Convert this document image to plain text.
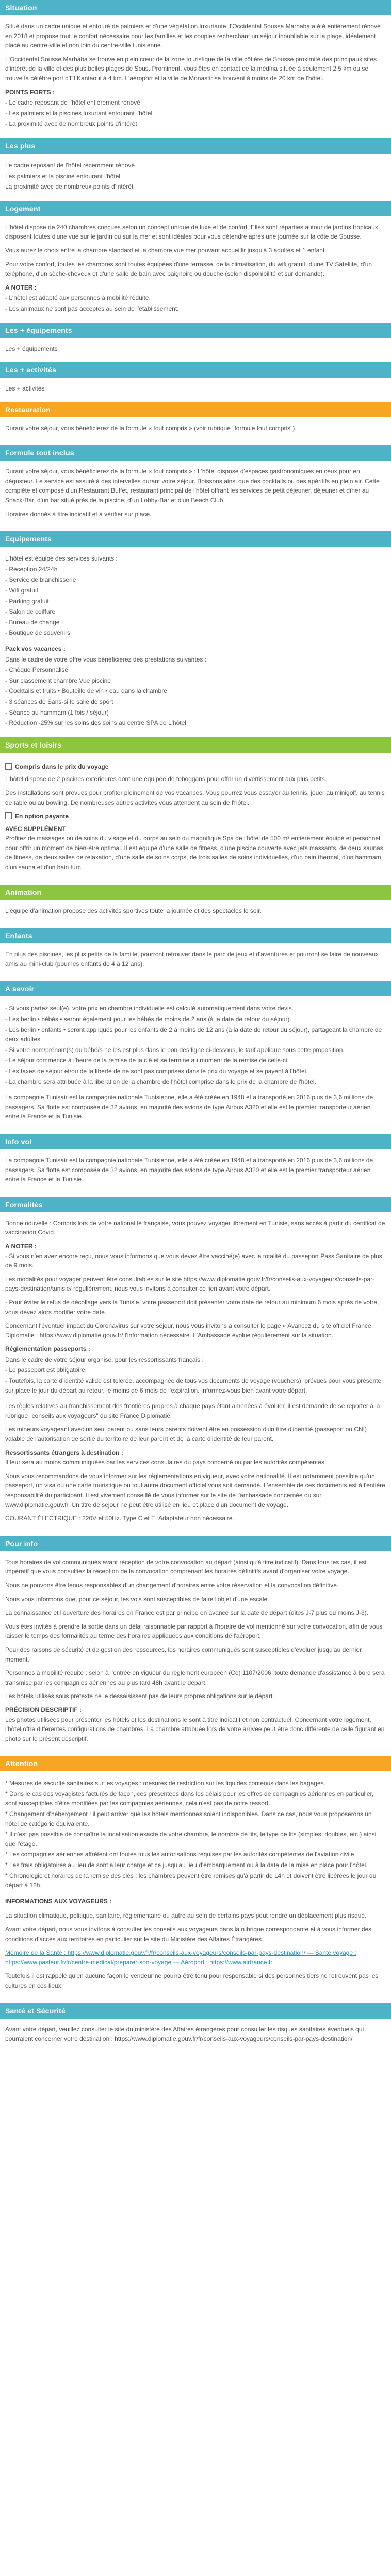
Situation

Situé dans un cadre unique et entouré de palmiers et d'une végétation luxuriante, l'Occidental Soussa Marhaba a été entièrement rénové en 2018 et propose tout le confort nécessaire pour les familles et les couples recherchant un séjour inoubliable sur la plage, idéalement placé au centre-ville et non loin du centre-ville tunisienne.

L'Occidental Sousse Marhaba se trouve en plein cœur de la zone touristique de la ville côtière de Sousse proximité des principaux sites d'intérêt de la ville et des plus belles plages de Sous. Prominent, vous êtes en contact de la médina située à seulement 2,5 km ou se trouve la célèbre port d'El Kantaoui à 4 km. L'aéroport et la ville de Monastir se trouvent à moins de 20 km de l'hôtel.

POINTS FORTS :
- Le cadre reposant de l'hôtel entièrement rénové
- Les palmiers et la piscines luxuriant entourant l'hôtel
- La proximité avec de nombreux points d'intérêt
Les plus
Le cadre reposant de l'hôtel récemment rénové
Les palmiers et la piscine entourant l'hôtel
La proximité avec de nombreux points d'intérêt
Logement

L'hôtel dispose de 240 chambres conçues selon un concept unique de luxe et de confort. Elles sont réparties autour de jardins tropicaux, disposent toutes d'une vue sur le jardin ou sur la mer et sont idéales pour vous détendre après une journée sur la côte de Sousse.

Vous aurez le choix entre la chambre standard et la chambre vue mer pouvant accueillir jusqu'à 3 adultes et 1 enfant.

Pour votre confort, toutes les chambres sont toutes équipées d'une terrasse, de la climatisation, du wifi gratuit, d'une TV Satellite, d'un téléphone, d'un sèche-cheveux et d'une salle de bain avec baignoire ou douche (selon disponibilité et sur demande).

A NOTER :
- L'hôtel est adapté aux personnes à mobilité réduite.
- Les animaux ne sont pas acceptés au sein de l'établissement.
Les + équipements
Les + équipements
Les + activités
Les + activités
Restauration

Durant votre séjour, vous bénéficierez de la formule « tout compris » (voir rubrique "formule tout compris").

Formule tout inclus

Durant votre séjour, vous bénéficierez de la formule « tout compris » : L'hôtel dispose d'espaces gastronomiques en ceux pour en dégusteur. Le service est assuré à des intervalles durant votre séjour. Boissons ainsi que des cocktails ou des apéritifs en plein air. Cette complète et composé d'un Restaurant Buffet, restaurant principal de l'hôtel offrant les services de petit déjeuner, déjeuner et dîner au Snack-Bar, d'un bar situé près de la piscine, d'un Lobby-Bar et d'un Beach Club.

Horaires donnés à titre indicatif et à vérifier sur place.

Equipements
L'hôtel est équipé des services suivants :
- Réception 24/24h
- Service de blanchisserie
- Wifi gratuit
- Parking gratuit
- Salon de coiffure
- Bureau de change
- Boutique de souvenirs
Pack vos vacances :
Dans le cadre de votre offre vous bénéficierez des prestations suivantes :
- Chèque Personnalisé
- Sur classement chambre Vue piscine
- Cocktails et fruits • Bouteille de vin • eau dans la chambre
- 3 séances de Sans-si le salle de sport
- Séance au hammam (1 fois / séjour)
- Réduction -25% sur les soins des soins au centre SPA de L'hôtel
Sports et loisirs
Compris dans le prix du voyage

L'hôtel dispose de 2 piscines extérieures dont une équipée de toboggans pour offrir un divertissement aux plus petits.

Des installations sont prévues pour profiter pleinement de vos vacances. Vous pourrez vous essayer au tennis, jouer au minigolf, au tennis de table ou au bowling. De nombreuses autres activités vous attendent au sein de l'hôtel.

En option payante
AVEC SUPPLÉMENT

Profitez de massages ou de soins du visage et du corps au sein du magnifique Spa de l'hôtel de 500 m² entièrement équipé et personnel pour offrir un moment de bien-être optimal. Il est équipé d'une salle de fitness, d'une piscine couverte avec jets massants, de deux saunas de fitness, de deux salles de relaxation, d'une salle de soins corps, de trois salles de soins individuelles, d'un bain thermal, d'un hammam, d'un sauna et d'un bain turc.

Animation

L'équipe d'animation propose des activités sportives toute la journée et des spectacles le soir.

Enfants

En plus des piscines, les plus petits de la famille, pourront retrouver dans le parc de jeux et d'aventures et pourront se faire de nouveaux amis au mini-club (pour les enfants de 4 à 12 ans).

A savoir
- Si vous partez seul(e), votre prix en chambre individuelle est calculé automatiquement dans votre devis.
- Les berlin • bébés • seront également pour les bébés de moins de 2 ans (à la date de retour du séjour).
- Les berlin • enfants • seront appliqués pour les enfants de 2 à moins de 12 ans (à la date de retour du séjour), partageant la chambre de deux adultes.
- Si votre nom/prénom(s) du bébé/s ne les est plus dans le bon des ligne ci-dessous, le tarif applique sous cette proposition.
- Le séjour commence à l'heure de la remise de la clé et se termine au moment de la remise de celle-ci.
- Les taxes de séjour et/ou de la liberté de ne sont pas comprises dans le prix du voyage et se payent à l'hôtel.
- La chambre sera attribuée à la libération de la chambre de l'hôtel comprise dans le prix de la chambre de l'hôtel.

La compagnie Tunisair est la compagnie nationale Tunisienne, elle a été créée en 1948 et a transporté en 2016 plus de 3,6 millions de passagers. Sa flotte est composée de 32 avions, en majorité des avions de type Airbus A320 et elle est le premier transporteur aérien entre la France et la Tunisie.

Info vol

La compagnie Tunisair est la compagnie nationale Tunisienne, elle a été créée en 1948 et a transporté en 2016 plus de 3,6 millions de passagers. Sa flotte est composée de 32 avions, en majorité des avions de type Airbus A320 et elle est le premier transporteur aérien entre la France et la Tunisie.

Formalités

Bonne nouvelle : Compris lors de votre nationalité française, vous pouvez voyager librement en Tunisie, sans accès à partir du certificat de vaccination Covid.

A NOTER :

- Si vous n'en avez encore reçu, nous vous informons que vous devez être vacciné(e) avec la totalité du passeport Pass Sanitaire de plus de 9 mois.

Les modalités pour voyager peuvent être consultables sur le site https://www.diplomatie.gouv.fr/fr/conseils-aux-voyageurs/conseils-par-pays-destination/tunisie/ régulièrement, nous vous invitons à consulter ce lien avant votre départ.

- Pour éviter le refus de décollage vers la Tunisie, votre passeport doit présenter votre date de retour au minimum 6 mois après de votre, vous devez alors modifier votre date.

Concernant l'éventuel impact du Coronavirus sur votre séjour, nous vous invitons à consulter le page « Avancez du site officiel France Diplomatie : https://www.diplomatie.gouv.fr/ l'information nécessaire. L'Ambassade évolue régulièrement sur la situation.

Réglementation passeports :
Dans le cadre de votre séjour organisé, pour les ressortissants français :
- Le passeport est obligatoire.
- Toutefois, la carte d'identité valide est tolérée, accompagnée de tous vos documents de voyage (vouchers), prévues pour vous présenter sur place le jour du départ au retour, le moins de 6 mois de l'expiration. Informez-vous bien avant votre départ.

Les règles relatives au franchissement des frontières propres à chaque pays étant amenées à évoluer, il est demandé de se reporter à la rubrique "conseils aux voyageurs" du site France Diplomatie.

Les mineurs voyageant avec un seul parent ou sans leurs parents doivent être en possession d'un titre d'identité (passeport ou CNI) valable de l'autorisation de sortie du territoire de leur parent et de la carte d'identité de leur parent.

Ressortissants étrangers à destination :

Il leur sera au moins communiquées par les services consulaires du pays concerné ou par les autorités compétentes.

Nous vous recommandons de vous informer sur les réglementations en vigueur, avec votre nationalité. Il est notamment possible qu'un passeport, un visa ou une carte touristique ou tout autre document officiel vous soit demandé. L'ensemble de ces documents est à l'entière responsabilité du participant. Il est vivement conseillé de vous informer sur le site de l'ambassade concernée ou sur www.diplomatie.gouv.fr. Un titre de séjour ne peut être utilisé en lieu et place d'un document de voyage.

COURANT ÉLECTRIQUE : 220V et 50Hz. Type C et E. Adaptateur non nécessaire.

Pour info

Tous horaires de vol communiqués avant réception de votre convocation au départ (ainsi qu'à titre indicatif). Dans tous les cas, il est impératif que vous consultiez la réception de la convocation comprenant les horaires définitifs avant d'organiser votre voyage.

Nous ne pouvons être tenus responsables d'un changement d'horaires entre votre réservation et la convocation définitive.

Nous vous informons que, pour ce séjour, les vols sont susceptibles de faire l'objet d'une escale.

La connaissance et l'ouverture des horaires en France est par principe en avance sur la date de départ (dites J-7 plus ou moins J-3).

Vous êtes invités à prendre la sortie dans un délai raisonnable par rapport à l'horaire de vol mentionné sur votre convocation, afin de vous laisser le temps des formalités au terme des horaires appliquées aux conditions de l'aéroport.

Pour des raisons de sécurité et de gestion des ressources, les horaires communiqués sont susceptibles d'évoluer jusqu'au dernier moment.

Personnes à mobilité réduite : selon à l'entrée en vigueur du règlement européen (Ce) 1107/2006, toute demande d'assistance à bord sera transmise par les compagnies aériennes au plus tard 48h avant le départ.

Les hôtels utilisés sous prétexte ne le dessaisissent pas de leurs propres obligations sur le départ.

PRÉCISION DESCRIPTIF :

Les photos utilisées pour présenter les hôtels et les destinations le sont à titre indicatif et non contractuel. Concernant votre logement, l'hôtel offre différentes configurations de chambres. La chambre attribuée lors de votre arrivée peut être donc différente de celle figurant en photo sur le présent descriptif.

Attention
* Mesures de sécurité sanitaires sur les voyages : mesures de restriction sur les liquides contenus dans les bagages.
* Dans le cas des voyagistes facturés de façon, ces présentées dans les délais pour les offres de compagnies aériennes en particulier, sont susceptibles d'être modifiées par les compagnies aériennes, cela n'est pas de notre ressort.
* Changement d'hébergement : il peut arriver que les hôtels mentionnés soient indisponibles. Dans ce cas, nous vous proposerons un hôtel de catégorie équivalente.
* Il n'est pas possible de connaître la localisation exacte de votre chambre, le nombre de lits, le type de lits (simples, doubles, etc.) ainsi que l'étage.
* Les compagnies aériennes affrètent ont toutes tous les autorisations requises par les autorités compétentes de l'aviation civile.
* Les frais obligatoires au lieu de sont à leur charge et ce jusqu'au lieu d'embarquement ou à la date de la mise en place pour l'hôtel.
* Chronologie et horaires de la remise des clés : les chambres peuvent être remises qu'à partir de 14h et doivent être libérées le jour du départ à 12h.
INFORMATIONS AUX VOYAGEURS :

La situation climatique, politique, sanitaire, réglementaire ou autre au sein de certains pays peut rendre un déplacement plus risqué.

Avant votre départ, nous vous invitons à consulter les conseils aux voyageurs dans la rubrique correspondante et à vous informer des conditions d'accès aux territoires en particulier sur le site du Ministère des Affaires Étrangères.

Mémoire de la Santé : https://www.diplomatie.gouv.fr/fr/conseils-aux-voyageurs/conseils-par-pays-destination/ — Santé voyage : https://www.pasteur.fr/fr/centre-medical/preparer-son-voyage — Aéroport : https://www.airfrance.fr

Toutefois il est rappelé qu'en aucune façon le vendeur ne pourra être tenu pour responsable si des personnes tiers ne retrouvent pas les cultures en ces lieux.

Santé et Sécurité

Avant votre départ, veuillez consulter le site du ministère des Affaires étrangères pour consulter les risques sanitaires éventuels qui pourraient concerner votre destination : https://www.diplomatie.gouv.fr/fr/conseils-aux-voyageurs/conseils-par-pays-destination/
